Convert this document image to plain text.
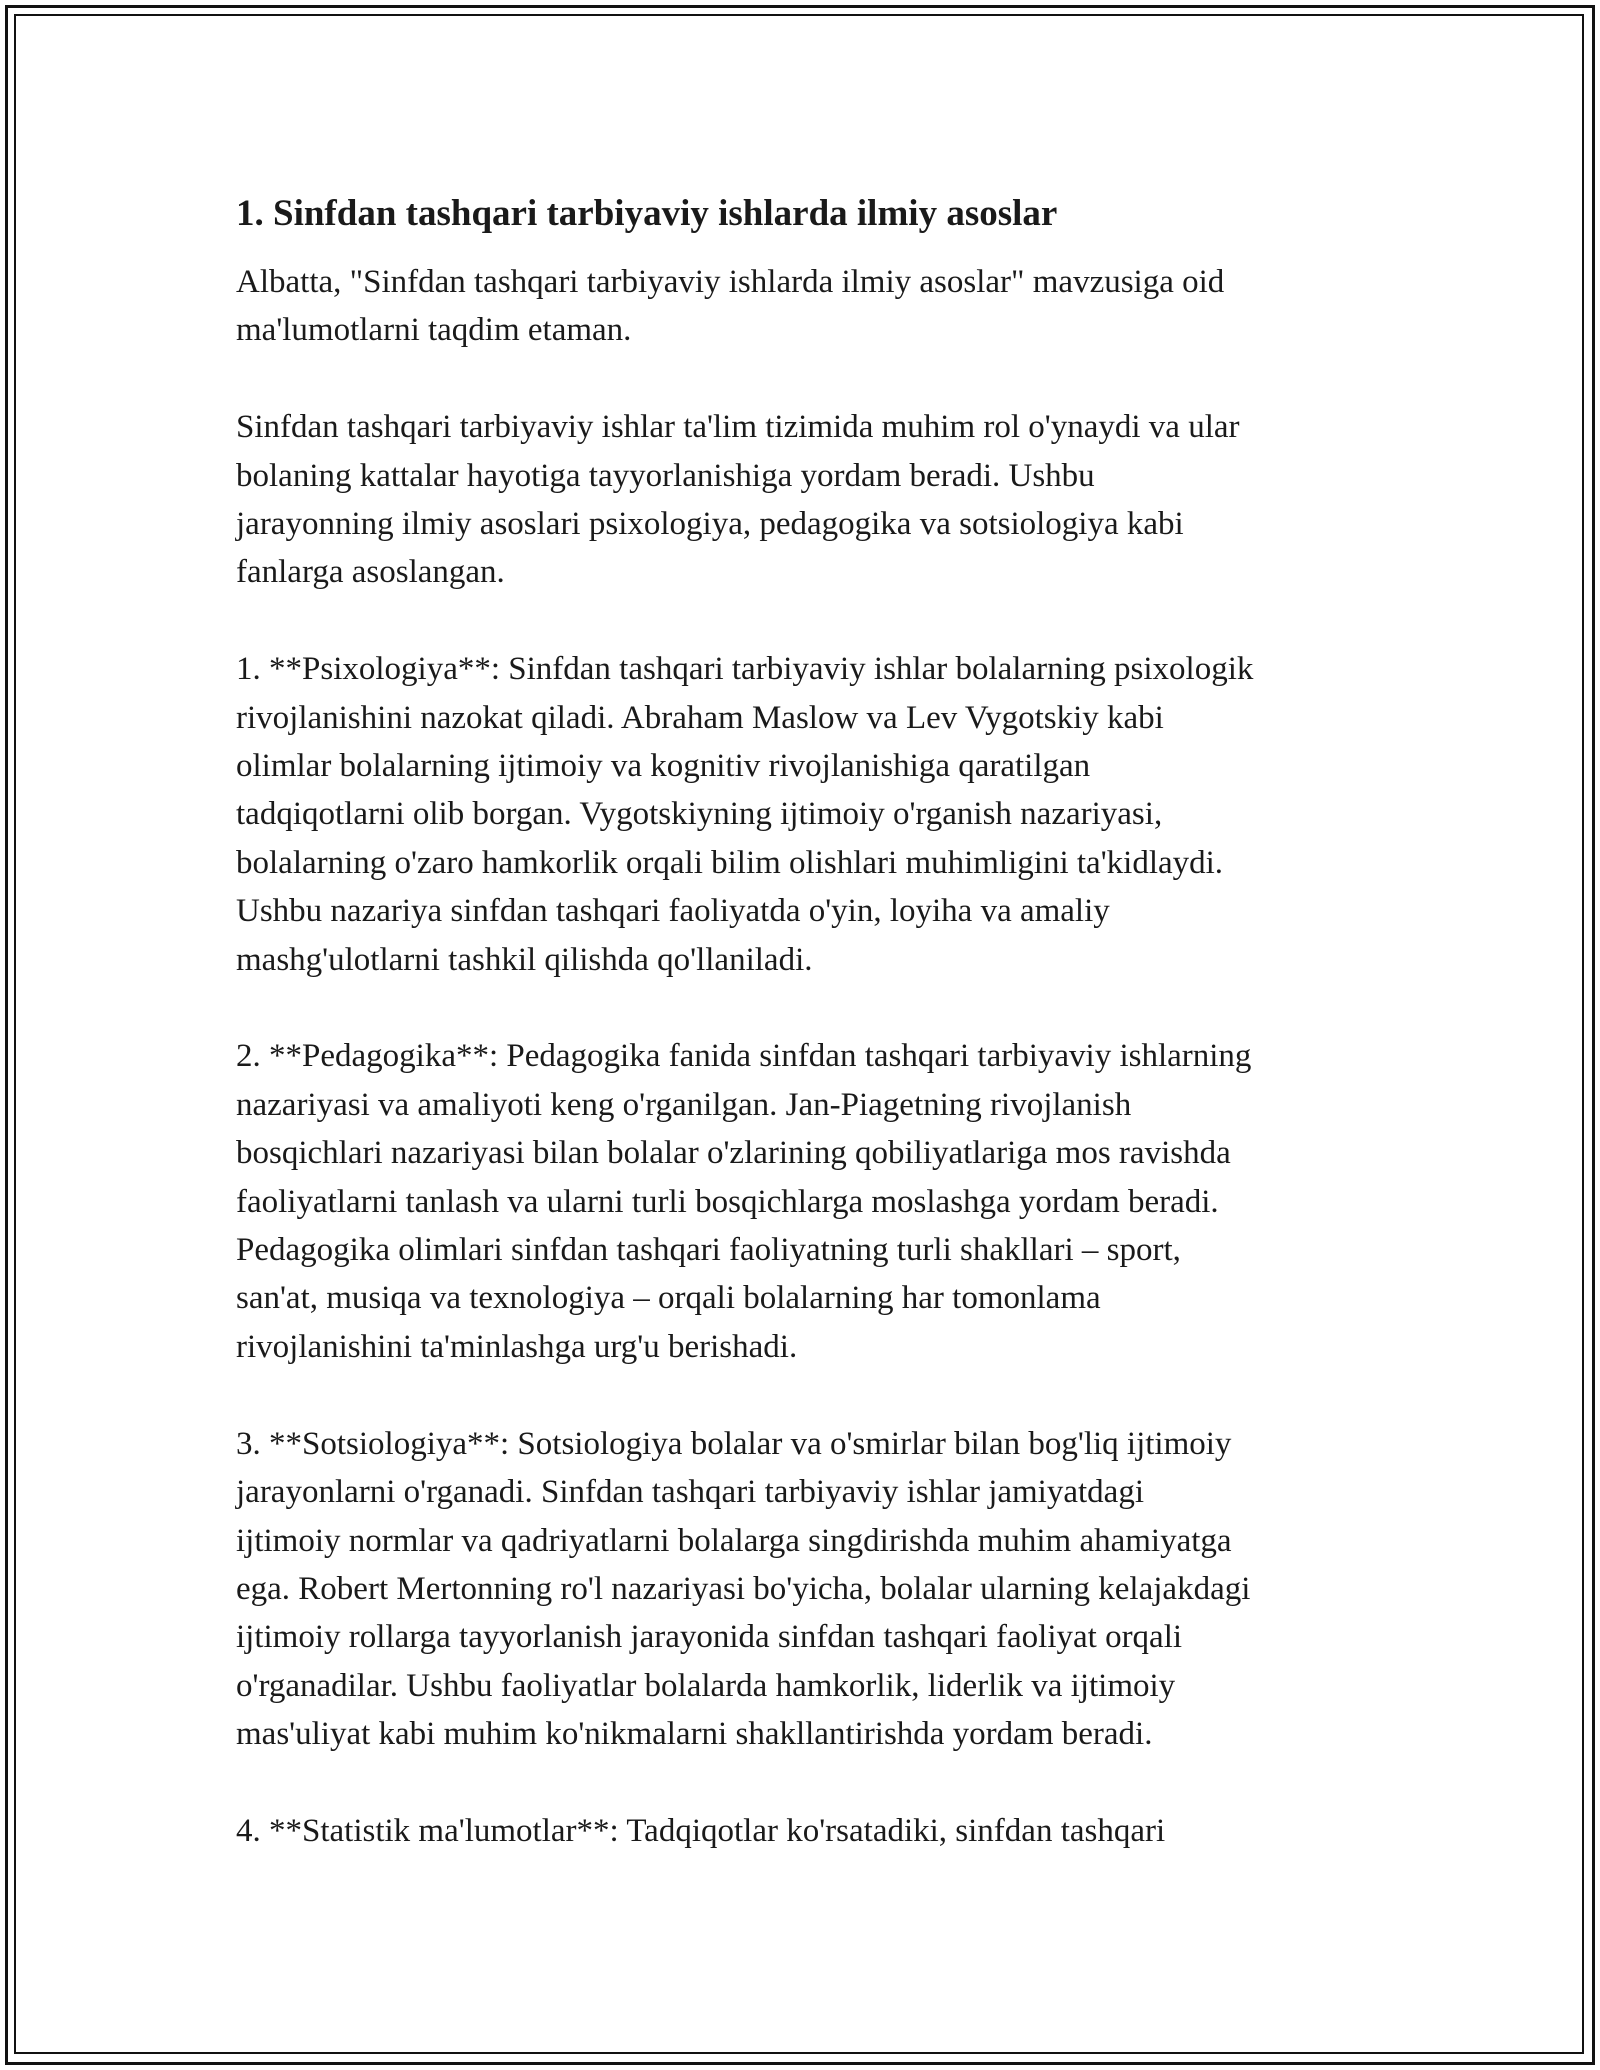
1. Sinfdan tashqari tarbiyaviy ishlarda ilmiy asoslar

Albatta, "Sinfdan tashqari tarbiyaviy ishlarda ilmiy asoslar" mavzusiga oid
ma'lumotlarni taqdim etaman.

Sinfdan tashqari tarbiyaviy ishlar ta'lim tizimida muhim rol o'ynaydi va ular
bolaning kattalar hayotiga tayyorlanishiga yordam beradi. Ushbu
jarayonning ilmiy asoslari psixologiya, pedagogika va sotsiologiya kabi
fanlarga asoslangan.

1. **Psixologiya**: Sinfdan tashqari tarbiyaviy ishlar bolalarning psixologik
rivojlanishini nazokat qiladi. Abraham Maslow va Lev Vygotskiy kabi
olimlar bolalarning ijtimoiy va kognitiv rivojlanishiga qaratilgan
tadqiqotlarni olib borgan. Vygotskiyning ijtimoiy o'rganish nazariyasi,
bolalarning o'zaro hamkorlik orqali bilim olishlari muhimligini ta'kidlaydi.
Ushbu nazariya sinfdan tashqari faoliyatda o'yin, loyiha va amaliy
mashg'ulotlarni tashkil qilishda qo'llaniladi.

2. **Pedagogika**: Pedagogika fanida sinfdan tashqari tarbiyaviy ishlarning
nazariyasi va amaliyoti keng o'rganilgan. Jan-Piagetning rivojlanish
bosqichlari nazariyasi bilan bolalar o'zlarining qobiliyatlariga mos ravishda
faoliyatlarni tanlash va ularni turli bosqichlarga moslashga yordam beradi.
Pedagogika olimlari sinfdan tashqari faoliyatning turli shakllari – sport,
san'at, musiqa va texnologiya – orqali bolalarning har tomonlama
rivojlanishini ta'minlashga urg'u berishadi.

3. **Sotsiologiya**: Sotsiologiya bolalar va o'smirlar bilan bog'liq ijtimoiy
jarayonlarni o'rganadi. Sinfdan tashqari tarbiyaviy ishlar jamiyatdagi
ijtimoiy normlar va qadriyatlarni bolalarga singdirishda muhim ahamiyatga
ega. Robert Mertonning ro'l nazariyasi bo'yicha, bolalar ularning kelajakdagi
ijtimoiy rollarga tayyorlanish jarayonida sinfdan tashqari faoliyat orqali
o'rganadilar. Ushbu faoliyatlar bolalarda hamkorlik, liderlik va ijtimoiy
mas'uliyat kabi muhim ko'nikmalarni shakllantirishda yordam beradi.

4. **Statistik ma'lumotlar**: Tadqiqotlar ko'rsatadiki, sinfdan tashqari
